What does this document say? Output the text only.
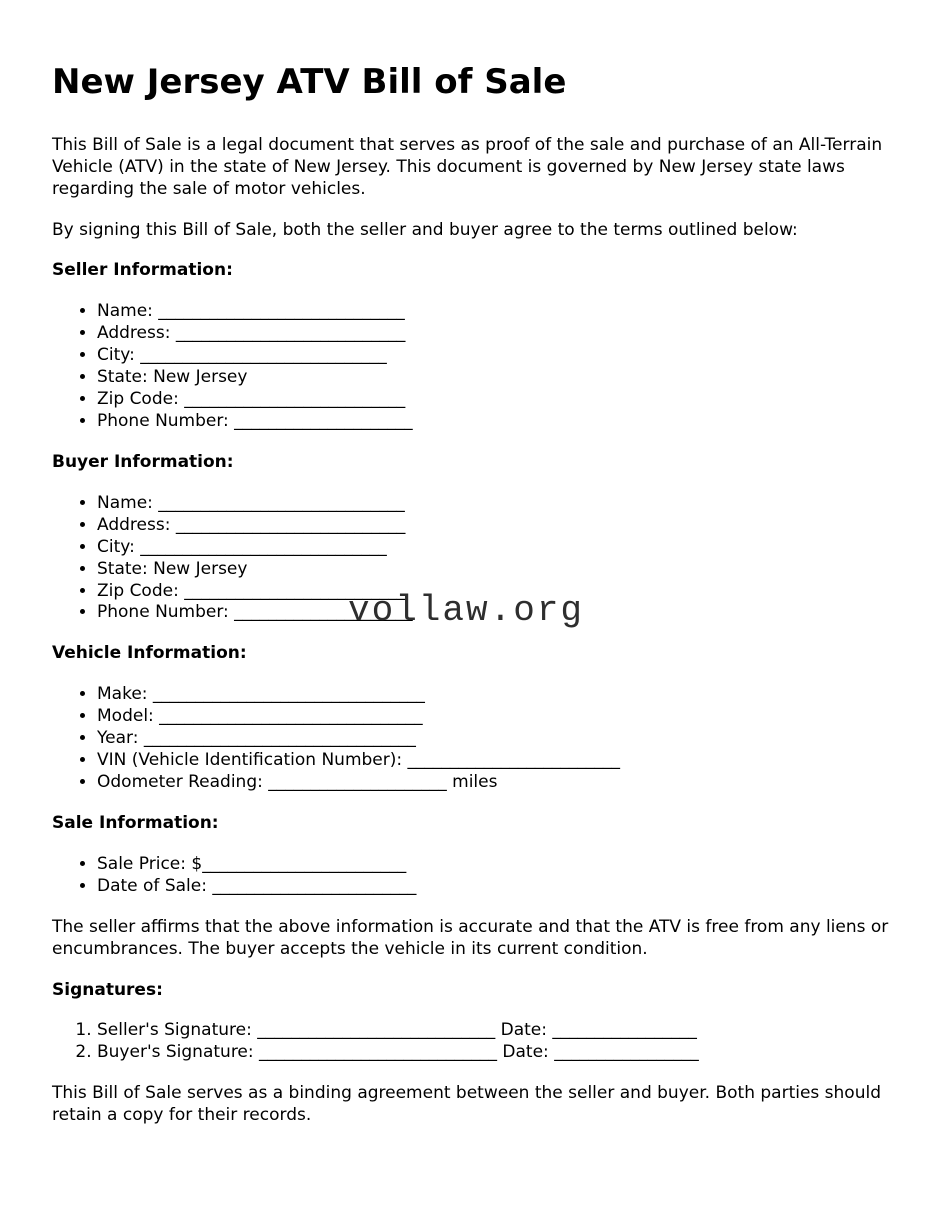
New Jersey ATV Bill of Sale

This Bill of Sale is a legal document that serves as proof of the sale and purchase of an All-Terrain Vehicle (ATV) in the state of New Jersey. This document is governed by New Jersey state laws regarding the sale of motor vehicles.

By signing this Bill of Sale, both the seller and buyer agree to the terms outlined below:

Seller Information:
• Name: _____________________________
• Address: ___________________________
• City: _____________________________
• State: New Jersey
• Zip Code: __________________________
• Phone Number: _____________________
Buyer Information:
• Name: _____________________________
• Address: ___________________________
• City: _____________________________
• State: New Jersey
• Zip Code: __________________________
• Phone Number: _____________________
Vehicle Information:
• Make: ________________________________
• Model: _______________________________
• Year: ________________________________
• VIN (Vehicle Identification Number): _________________________
• Odometer Reading: _____________________ miles
Sale Information:
• Sale Price: $________________________
• Date of Sale: ________________________

The seller affirms that the above information is accurate and that the ATV is free from any liens or encumbrances. The buyer accepts the vehicle in its current condition.

Signatures:
1. Seller's Signature: ____________________________ Date: _________________
2. Buyer's Signature: ____________________________ Date: _________________

This Bill of Sale serves as a binding agreement between the seller and buyer. Both parties should retain a copy for their records.

vollaw.org
